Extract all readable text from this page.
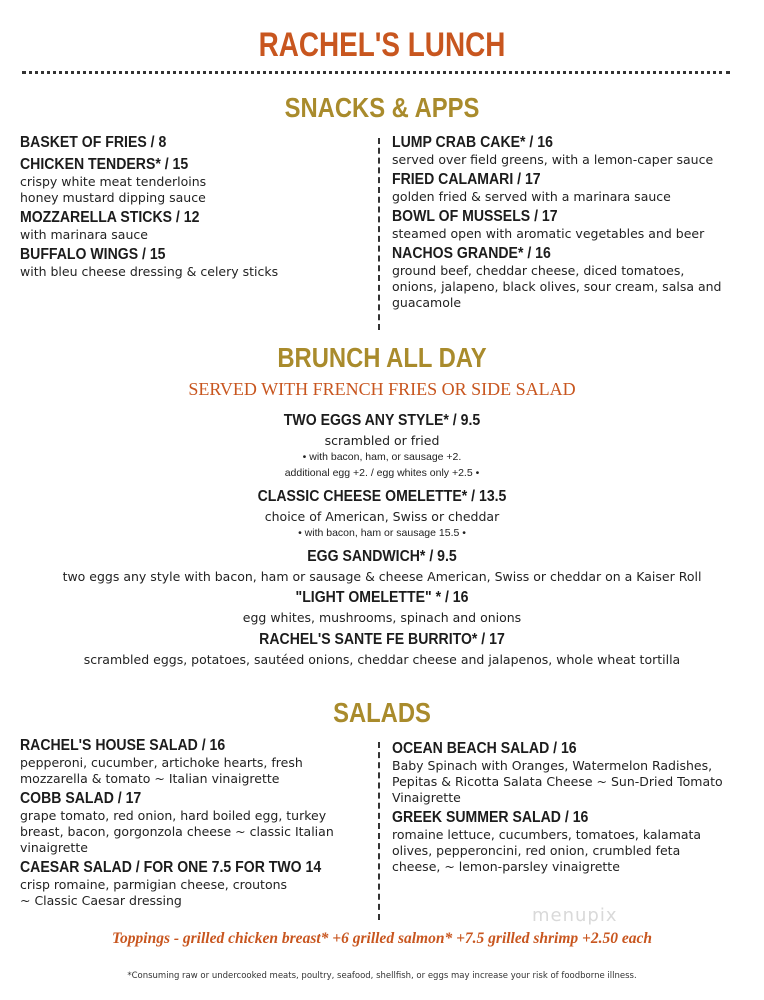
RACHEL'S LUNCH
SNACKS & APPS
BASKET OF FRIES / 8
CHICKEN TENDERS* / 15
crispy white meat tenderloins
honey mustard dipping sauce
MOZZARELLA STICKS / 12
with marinara sauce
BUFFALO WINGS / 15
with bleu cheese dressing & celery sticks
LUMP CRAB CAKE* / 16
served over field greens, with a lemon-caper sauce
FRIED CALAMARI / 17
golden fried & served with a marinara sauce
BOWL OF MUSSELS / 17
steamed open with aromatic vegetables and beer
NACHOS GRANDE* / 16
ground beef, cheddar cheese, diced tomatoes,
onions, jalapeno, black olives, sour cream, salsa and
guacamole
BRUNCH ALL DAY
SERVED WITH FRENCH FRIES OR SIDE SALAD
TWO EGGS ANY STYLE* / 9.5
scrambled or fried
• with bacon, ham, or sausage +2.
additional egg +2. / egg whites only +2.5 •
CLASSIC CHEESE OMELETTE* / 13.5
choice of American, Swiss or cheddar
• with bacon, ham or sausage 15.5 •
EGG SANDWICH* / 9.5
two eggs any style with bacon, ham or sausage & cheese American, Swiss or cheddar on a Kaiser Roll
"LIGHT OMELETTE" * / 16
egg whites, mushrooms, spinach and onions
RACHEL'S SANTE FE BURRITO* / 17
scrambled eggs, potatoes, sautéed onions, cheddar cheese and jalapenos, whole wheat tortilla
SALADS
RACHEL'S HOUSE SALAD / 16
pepperoni, cucumber, artichoke hearts, fresh
mozzarella & tomato ~ Italian vinaigrette
COBB SALAD / 17
grape tomato, red onion, hard boiled egg, turkey
breast, bacon, gorgonzola cheese ~ classic Italian
vinaigrette
CAESAR SALAD / FOR ONE 7.5 FOR TWO 14
crisp romaine, parmigian cheese, croutons
~ Classic Caesar dressing
OCEAN BEACH SALAD / 16
Baby Spinach with Oranges, Watermelon Radishes,
Pepitas & Ricotta Salata Cheese ~ Sun-Dried Tomato
Vinaigrette
GREEK SUMMER SALAD / 16
romaine lettuce, cucumbers, tomatoes, kalamata
olives, pepperoncini, red onion, crumbled feta
cheese, ~ lemon-parsley vinaigrette
menupix
Toppings - grilled chicken breast* +6 grilled salmon* +7.5 grilled shrimp +2.50 each
*Consuming raw or undercooked meats, poultry, seafood, shellfish, or eggs may increase your risk of foodborne illness.
